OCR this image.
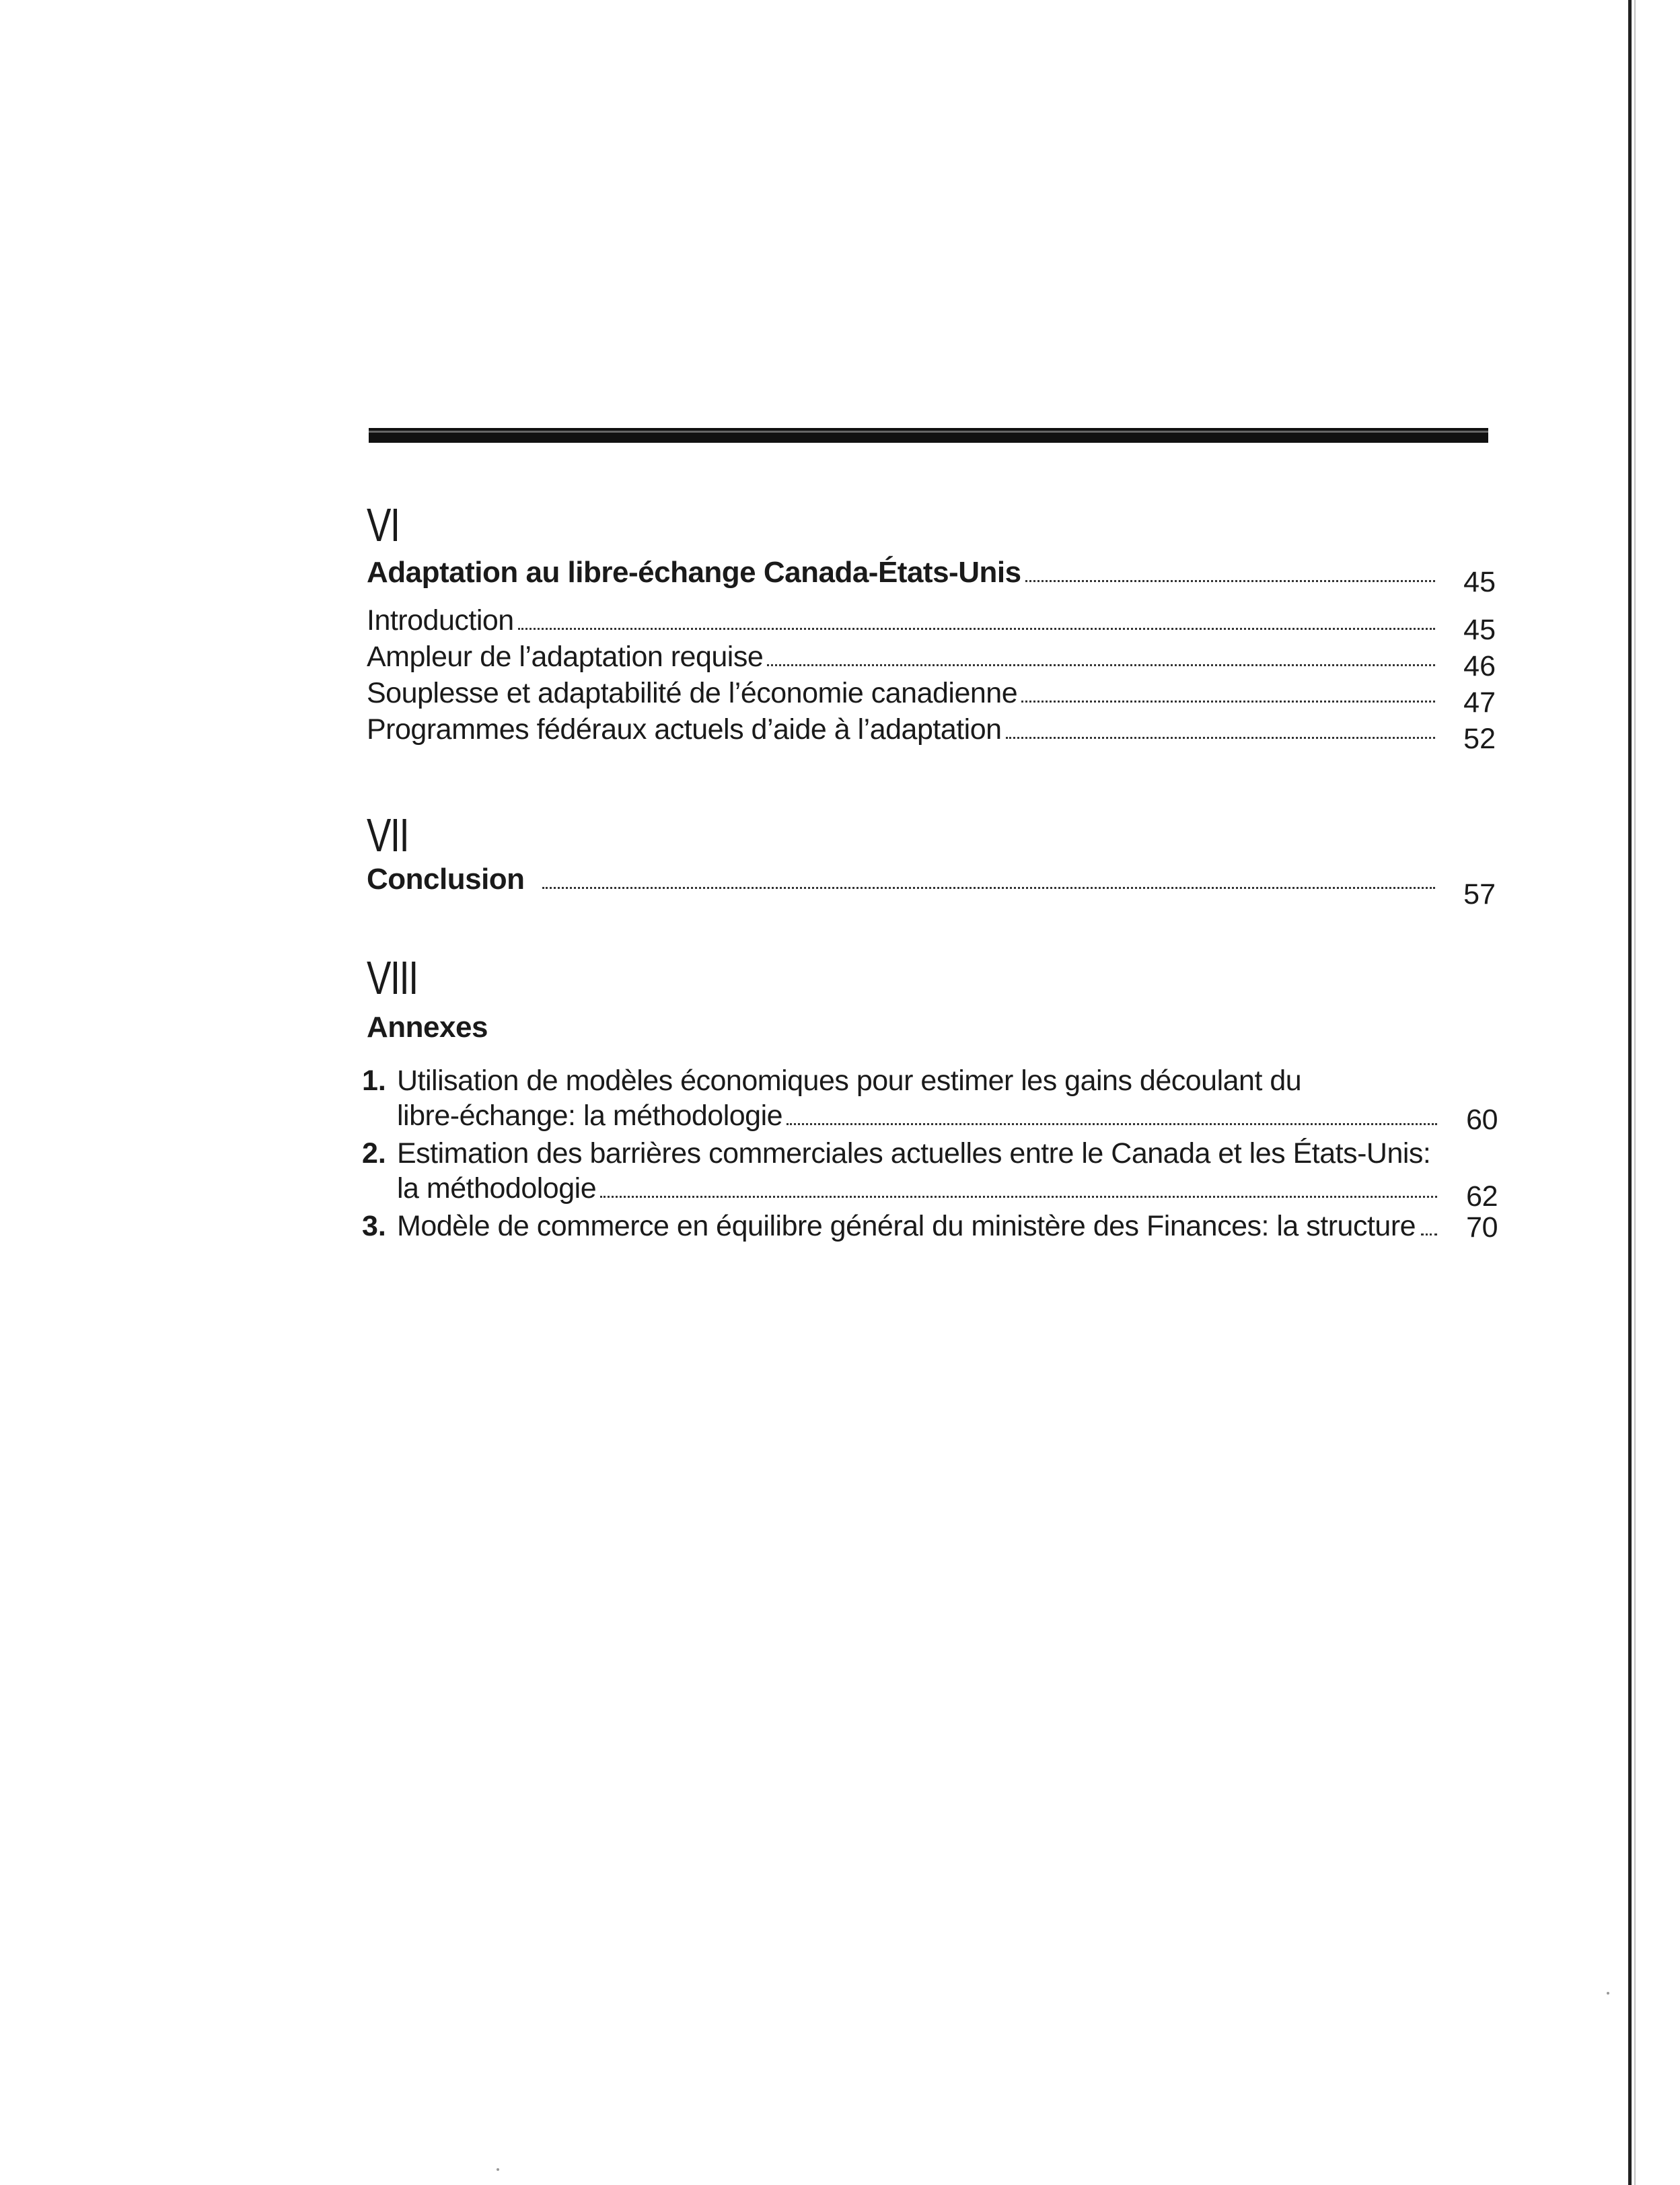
VI
Adaptation au libre-échange Canada-États-Unis	45
Introduction	45
Ampleur de l’adaptation requise	46
Souplesse et adaptabilité de l’économie canadienne	47
Programmes fédéraux actuels d’aide à l’adaptation	52
VII
Conclusion	57
VIII
Annexes
1. Utilisation de modèles économiques pour estimer les gains découlant du
libre-échange: la méthodologie	60
2. Estimation des barrières commerciales actuelles entre le Canada et les États-Unis:
la méthodologie	62
3. Modèle de commerce en équilibre général du ministère des Finances: la structure	70
